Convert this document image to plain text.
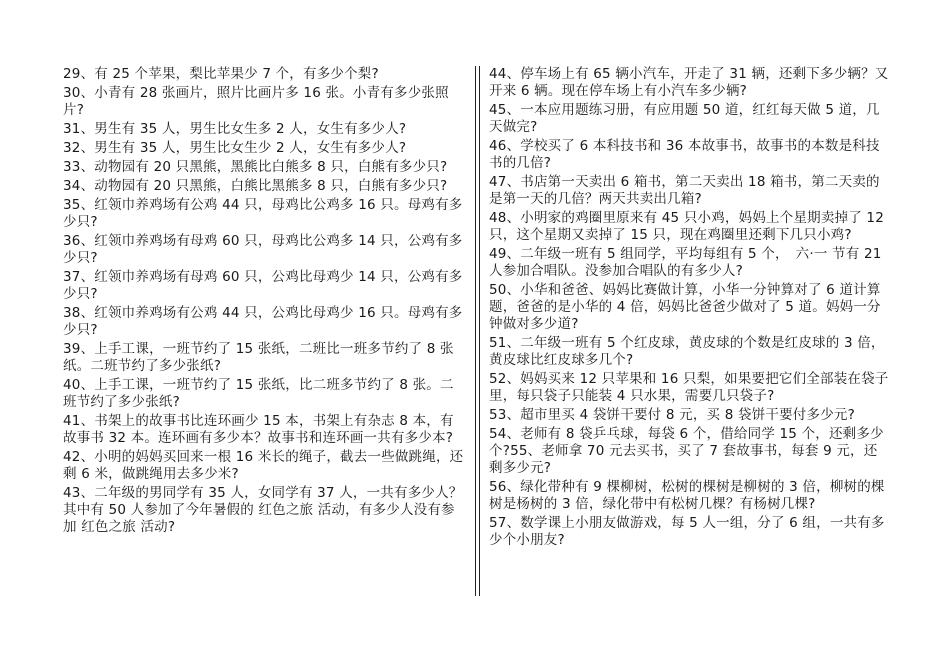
29、有 25 个苹果，梨比苹果少 7 个，有多少个梨?

30、小青有 28 张画片，照片比画片多 16 张。小青有多少张照片?

31、男生有 35 人，男生比女生多 2 人，女生有多少人?

32、男生有 35 人，男生比女生少 2 人，女生有多少人?

33、动物园有 20 只黑熊，黑熊比白熊多 8 只，白熊有多少只?

34、动物园有 20 只黑熊，白熊比黑熊多 8 只，白熊有多少只?

35、红领巾养鸡场有公鸡 44 只，母鸡比公鸡多 16 只。母鸡有多少只?

36、红领巾养鸡场有母鸡 60 只，母鸡比公鸡多 14 只，公鸡有多少只?

37、红领巾养鸡场有母鸡 60 只，公鸡比母鸡少 14 只，公鸡有多少只?

38、红领巾养鸡场有公鸡 44 只，公鸡比母鸡少 16 只。母鸡有多少只?

39、上手工课，一班节约了 15 张纸，二班比一班多节约了 8 张纸。二班节约了多少张纸?

40、上手工课，一班节约了 15 张纸，比二班多节约了 8 张。二班节约了多少张纸?

41、书架上的故事书比连环画少 15 本，书架上有杂志 8 本，有故事书 32 本。连环画有多少本？故事书和连环画一共有多少本?

42、小明的妈妈买回来一根 16 米长的绳子，截去一些做跳绳，还剩 6 米，做跳绳用去多少米?

43、二年级的男同学有 35 人，女同学有 37 人，一共有多少人？其中有 50 人参加了今年暑假的 红色之旅 活动，有多少人没有参加 红色之旅 活动?

44、停车场上有 65 辆小汽车，开走了 31 辆，还剩下多少辆？又开来 6 辆。现在停车场上有小汽车多少辆?

45、一本应用题练习册，有应用题 50 道，红红每天做 5 道，几天做完?

46、学校买了 6 本科技书和 36 本故事书，故事书的本数是科技书的几倍?

47、书店第一天卖出 6 箱书，第二天卖出 18 箱书，第二天卖的是第一天的几倍？两天共卖出几箱?

48、小明家的鸡圈里原来有 45 只小鸡，妈妈上个星期卖掉了 12 只，这个星期又卖掉了 15 只，现在鸡圈里还剩下几只小鸡?

49、二年级一班有 5 组同学，平均每组有 5 个，　六·一 节有 21 人参加合唱队。没参加合唱队的有多少人?

50、小华和爸爸、妈妈比赛做计算，小华一分钟算对了 6 道计算题，爸爸的是小华的 4 倍，妈妈比爸爸少做对了 5 道。妈妈一分钟做对多少道?

51、二年级一班有 5 个红皮球，黄皮球的个数是红皮球的 3 倍，黄皮球比红皮球多几个?

52、妈妈买来 12 只苹果和 16 只梨，如果要把它们全部装在袋子里，每只袋子只能装 4 只水果，需要几只袋子?

53、超市里买 4 袋饼干要付 8 元，买 8 袋饼干要付多少元?

54、老师有 8 袋乒乓球，每袋 6 个，借给同学 15 个，还剩多少个?55、老师拿 70 元去买书，买了 7 套故事书，每套 9 元，还剩多少元?

56、绿化带种有 9 棵柳树，松树的棵树是柳树的 3 倍，柳树的棵树是杨树的 3 倍，绿化带中有松树几棵？有杨树几棵?

57、数学课上小朋友做游戏，每 5 人一组，分了 6 组，一共有多少个小朋友?
